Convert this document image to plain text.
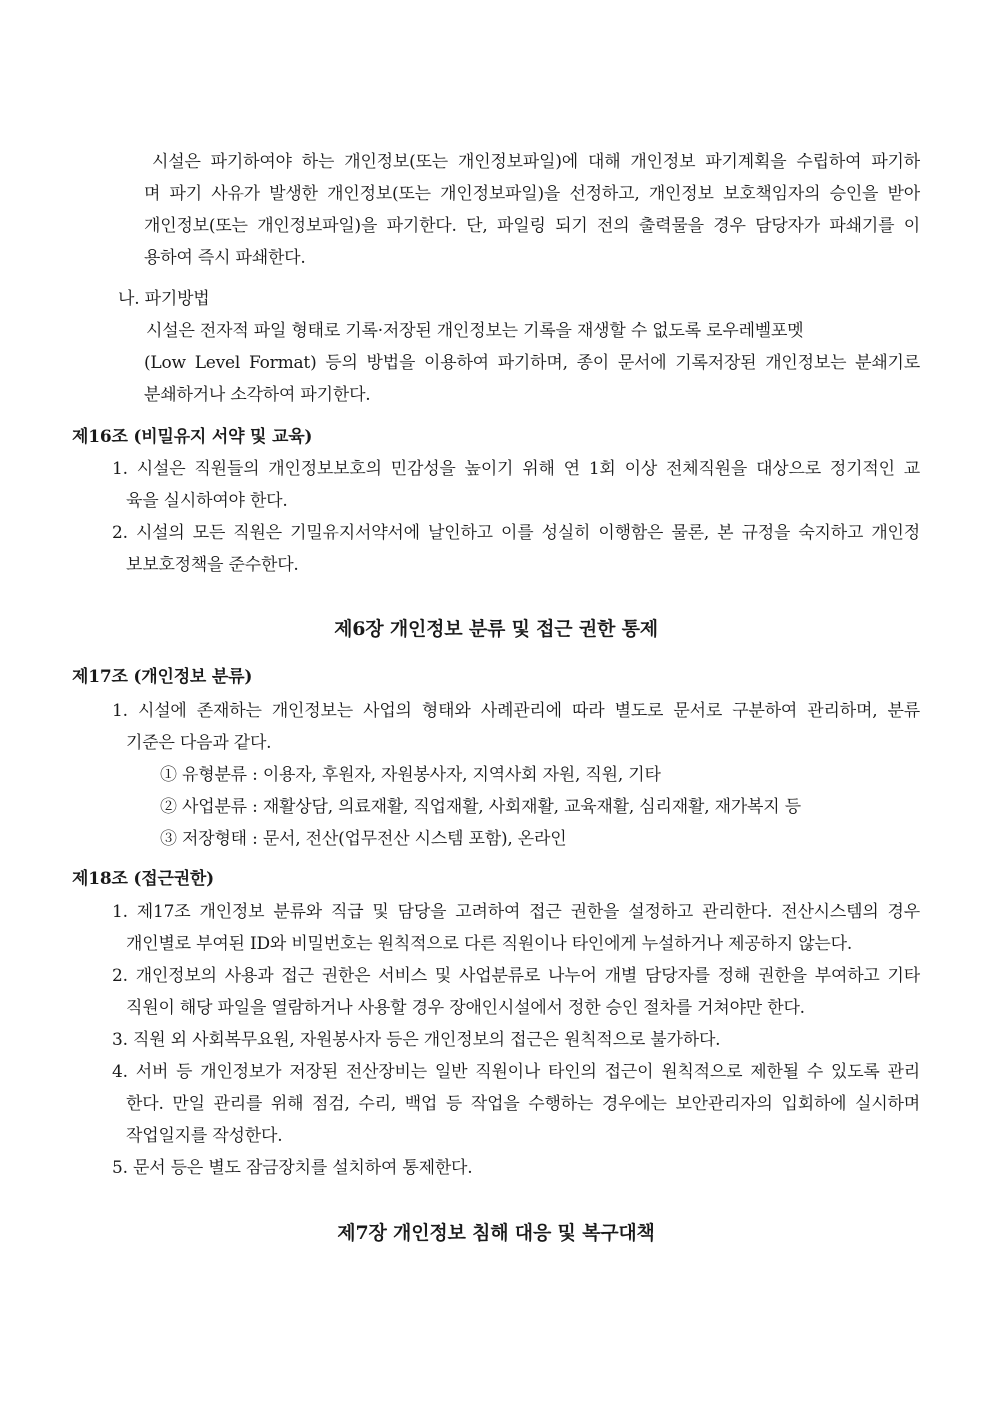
시설은 파기하여야 하는 개인정보(또는 개인정보파일)에 대해 개인정보 파기계획을 수립하여 파기하
며 파기 사유가 발생한 개인정보(또는 개인정보파일)을 선정하고, 개인정보 보호책임자의 승인을 받아
개인정보(또는 개인정보파일)을 파기한다. 단, 파일링 되기 전의 출력물을 경우 담당자가 파쇄기를 이
용하여 즉시 파쇄한다.
나. 파기방법
시설은 전자적 파일 형태로 기록·저장된 개인정보는 기록을 재생할 수 없도록 로우레벨포멧
(Low Level Format) 등의 방법을 이용하여 파기하며, 종이 문서에 기록저장된 개인정보는 분쇄기로
분쇄하거나 소각하여 파기한다.
제16조 (비밀유지 서약 및 교육)
1. 시설은 직원들의 개인정보보호의 민감성을 높이기 위해 연 1회 이상 전체직원을 대상으로 정기적인 교
육을 실시하여야 한다.
2. 시설의 모든 직원은 기밀유지서약서에 날인하고 이를 성실히 이행함은 물론, 본 규정을 숙지하고 개인정
보보호정책을 준수한다.
제6장 개인정보 분류 및 접근 권한 통제
제17조 (개인정보 분류)
1. 시설에 존재하는 개인정보는 사업의 형태와 사례관리에 따라 별도로 문서로 구분하여 관리하며, 분류
기준은 다음과 같다.
① 유형분류 : 이용자, 후원자, 자원봉사자, 지역사회 자원, 직원, 기타
② 사업분류 : 재활상담, 의료재활, 직업재활, 사회재활, 교육재활, 심리재활, 재가복지 등
③ 저장형태 : 문서, 전산(업무전산 시스템 포함), 온라인
제18조 (접근권한)
1. 제17조 개인정보 분류와 직급 및 담당을 고려하여 접근 권한을 설정하고 관리한다. 전산시스템의 경우
개인별로 부여된 ID와 비밀번호는 원칙적으로 다른 직원이나 타인에게 누설하거나 제공하지 않는다.
2. 개인정보의 사용과 접근 권한은 서비스 및 사업분류로 나누어 개별 담당자를 정해 권한을 부여하고 기타
직원이 해당 파일을 열람하거나 사용할 경우 장애인시설에서 정한 승인 절차를 거쳐야만 한다.
3. 직원 외 사회복무요원, 자원봉사자 등은 개인정보의 접근은 원칙적으로 불가하다.
4. 서버 등 개인정보가 저장된 전산장비는 일반 직원이나 타인의 접근이 원칙적으로 제한될 수 있도록 관리
한다. 만일 관리를 위해 점검, 수리, 백업 등 작업을 수행하는 경우에는 보안관리자의 입회하에 실시하며
작업일지를 작성한다.
5. 문서 등은 별도 잠금장치를 설치하여 통제한다.
제7장 개인정보 침해 대응 및 복구대책
